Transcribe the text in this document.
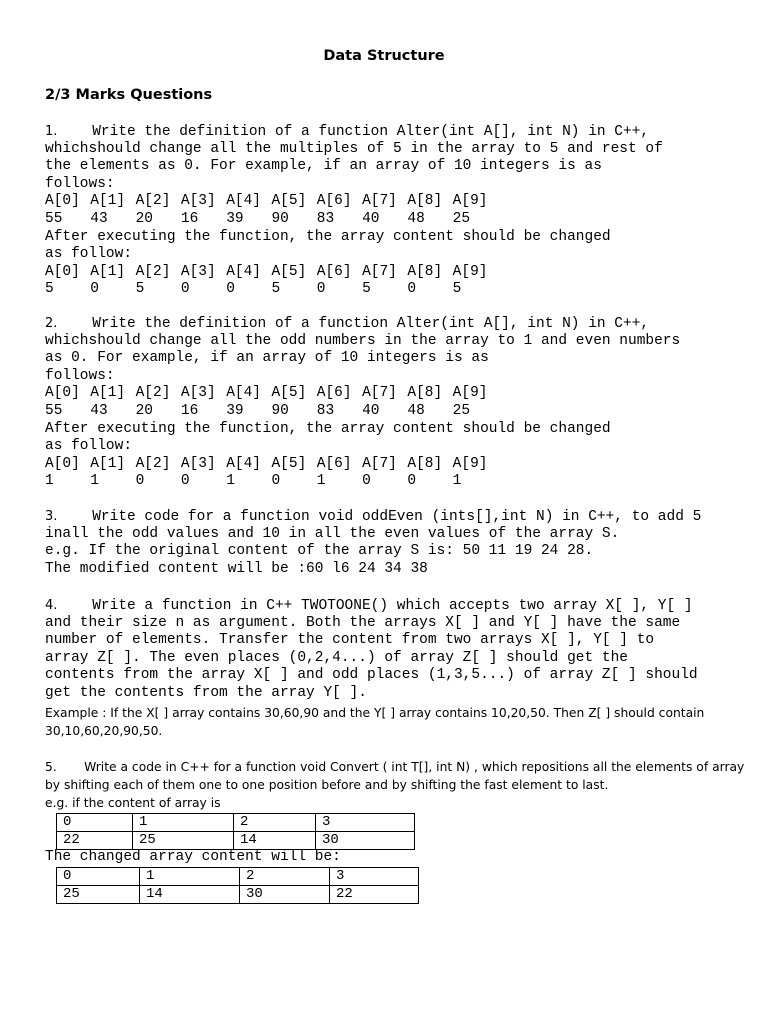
Data Structure
2/3 Marks Questions
1. Write the definition of a function Alter(int A[], int N) in C++,
whichshould change all the multiples of 5 in the array to 5 and rest of
the elements as 0. For example, if an array of 10 integers is as
follows:
A[0] A[1] A[2] A[3] A[4] A[5] A[6] A[7] A[8] A[9]
55	43	20	16	39	90	83	40	48	25
After executing the function, the array content should be changed
as follow:
A[0] A[1] A[2] A[3] A[4] A[5] A[6] A[7] A[8] A[9]
5	0	5	0	0	5	0	5	0	5
2. Write the definition of a function Alter(int A[], int N) in C++,
whichshould change all the odd numbers in the array to 1 and even numbers
as 0. For example, if an array of 10 integers is as
follows:
A[0] A[1] A[2] A[3] A[4] A[5] A[6] A[7] A[8] A[9]
55	43	20	16	39	90	83	40	48	25
After executing the function, the array content should be changed
as follow:
A[0] A[1] A[2] A[3] A[4] A[5] A[6] A[7] A[8] A[9]
1	1	0	0	1	0	1	0	0	1
3. Write code for a function void oddEven (ints[],int N) in C++, to add 5
inall the odd values and 10 in all the even values of the array S.
e.g. If the original content of the array S is: 50 11 19 24 28.
The modified content will be :60 l6 24 34 38
4. Write a function in C++ TWOTOONE() which accepts two array X[ ], Y[ ]
and their size n as argument. Both the arrays X[ ] and Y[ ] have the same
number of elements. Transfer the content from two arrays X[ ], Y[ ] to
array Z[ ]. The even places (0,2,4...) of array Z[ ] should get the
contents from the array X[ ] and odd places (1,3,5...) of array Z[ ] should
get the contents from the array Y[ ].
Example : If the X[ ] array contains 30,60,90 and the Y[ ] array contains 10,20,50. Then Z[ ] should contain
30,10,60,20,90,50.
5. Write a code in C++ for a function void Convert ( int T[], int N) , which repositions all the elements of array
by shifting each of them one to one position before and by shifting the fast element to last.
e.g. if the content of array is
0	1	2	3
22	25	14	30
The changed array content will be:
0	1	2	3
25	14	30	22
